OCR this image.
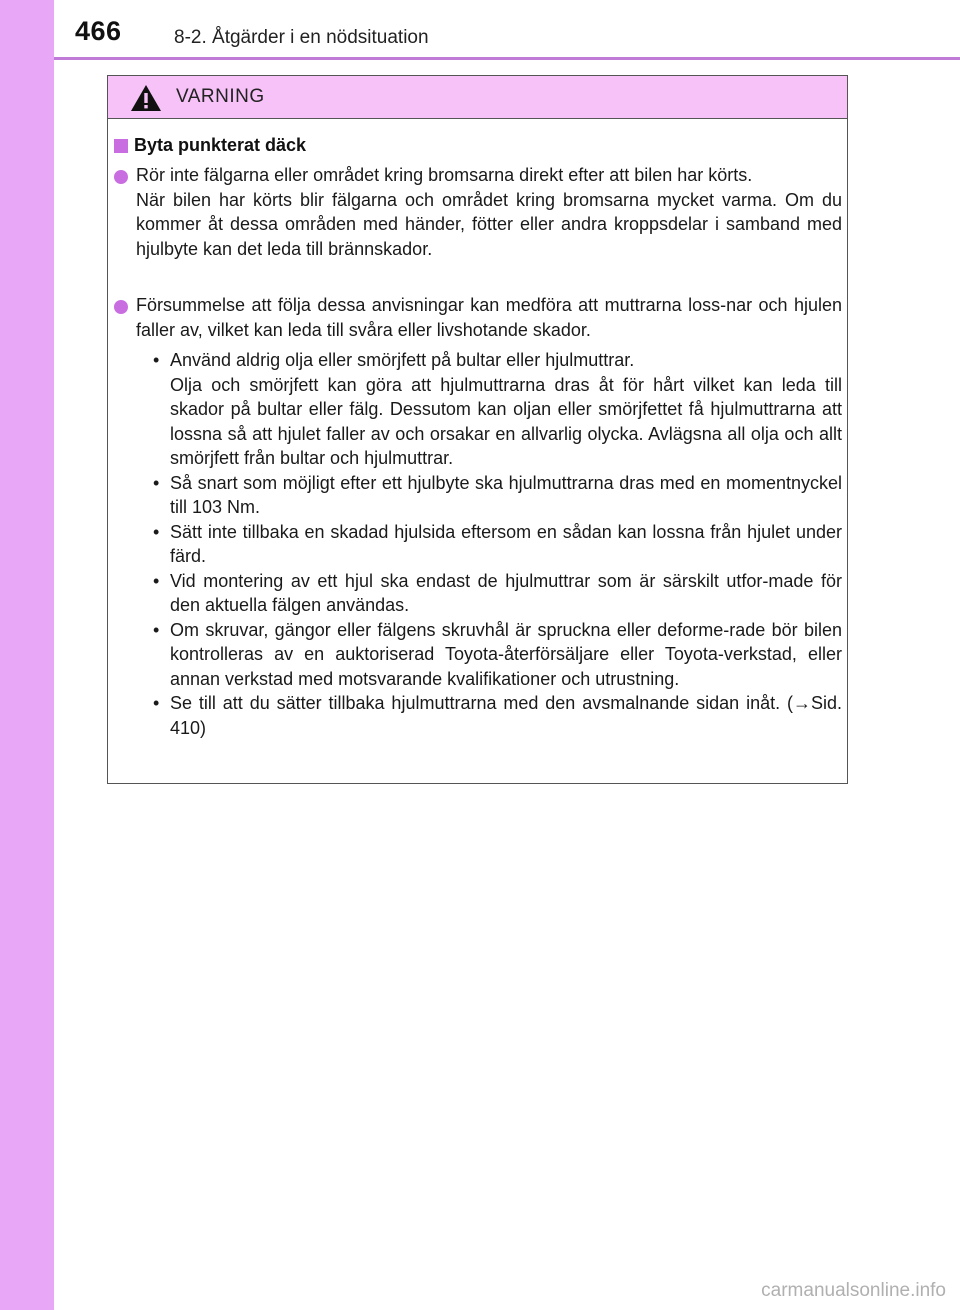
466	8-2. Åtgärder i en nödsituation
VARNING
Byta punkterat däck
Rör inte fälgarna eller området kring bromsarna direkt efter att bilen har körts.
När bilen har körts blir fälgarna och området kring bromsarna mycket varma. Om du kommer åt dessa områden med händer, fötter eller andra kroppsdelar i samband med hjulbyte kan det leda till brännskador.
Försummelse att följa dessa anvisningar kan medföra att muttrarna loss-nar och hjulen faller av, vilket kan leda till svåra eller livshotande skador.
• Använd aldrig olja eller smörjfett på bultar eller hjulmuttrar.
Olja och smörjfett kan göra att hjulmuttrarna dras åt för hårt vilket kan leda till skador på bultar eller fälg. Dessutom kan oljan eller smörjfettet få hjulmuttrarna att lossna så att hjulet faller av och orsakar en allvarlig olycka. Avlägsna all olja och allt smörjfett från bultar och hjulmuttrar.
• Så snart som möjligt efter ett hjulbyte ska hjulmuttrarna dras med en momentnyckel till 103 Nm.
• Sätt inte tillbaka en skadad hjulsida eftersom en sådan kan lossna från hjulet under färd.
• Vid montering av ett hjul ska endast de hjulmuttrar som är särskilt utfor-made för den aktuella fälgen användas.
• Om skruvar, gängor eller fälgens skruvhål är spruckna eller deforme-rade bör bilen kontrolleras av en auktoriserad Toyota-återförsäljare eller Toyota-verkstad, eller annan verkstad med motsvarande kvalifikationer och utrustning.
• Se till att du sätter tillbaka hjulmuttrarna med den avsmalnande sidan inåt. (→Sid. 410)
carmanualsonline.info
